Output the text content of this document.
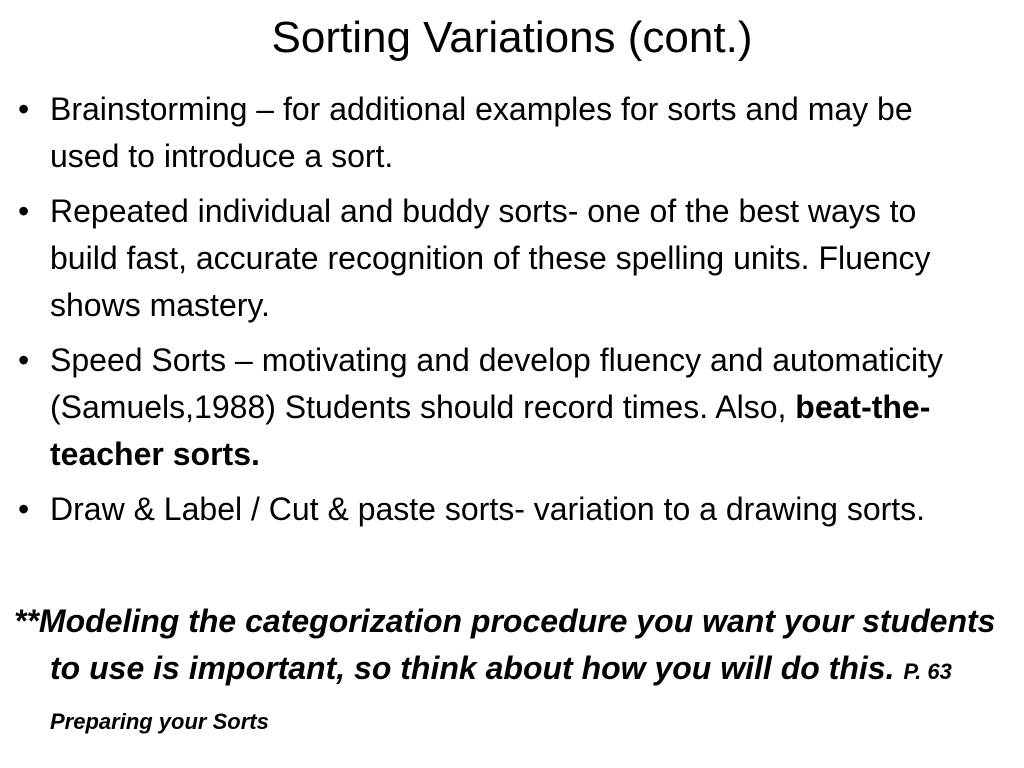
Sorting Variations (cont.)
• Brainstorming – for additional examples for sorts and may be used to introduce a sort.
• Repeated individual and buddy sorts- one of the best ways to build fast, accurate recognition of these spelling units. Fluency shows mastery.
• Speed Sorts – motivating and develop fluency and automaticity (Samuels,1988) Students should record times. Also, beat-the-teacher sorts.
• Draw & Label / Cut & paste sorts- variation to a drawing sorts.

**Modeling the categorization procedure you want your students to use is important, so think about how you will do this. P. 63 Preparing your Sorts
